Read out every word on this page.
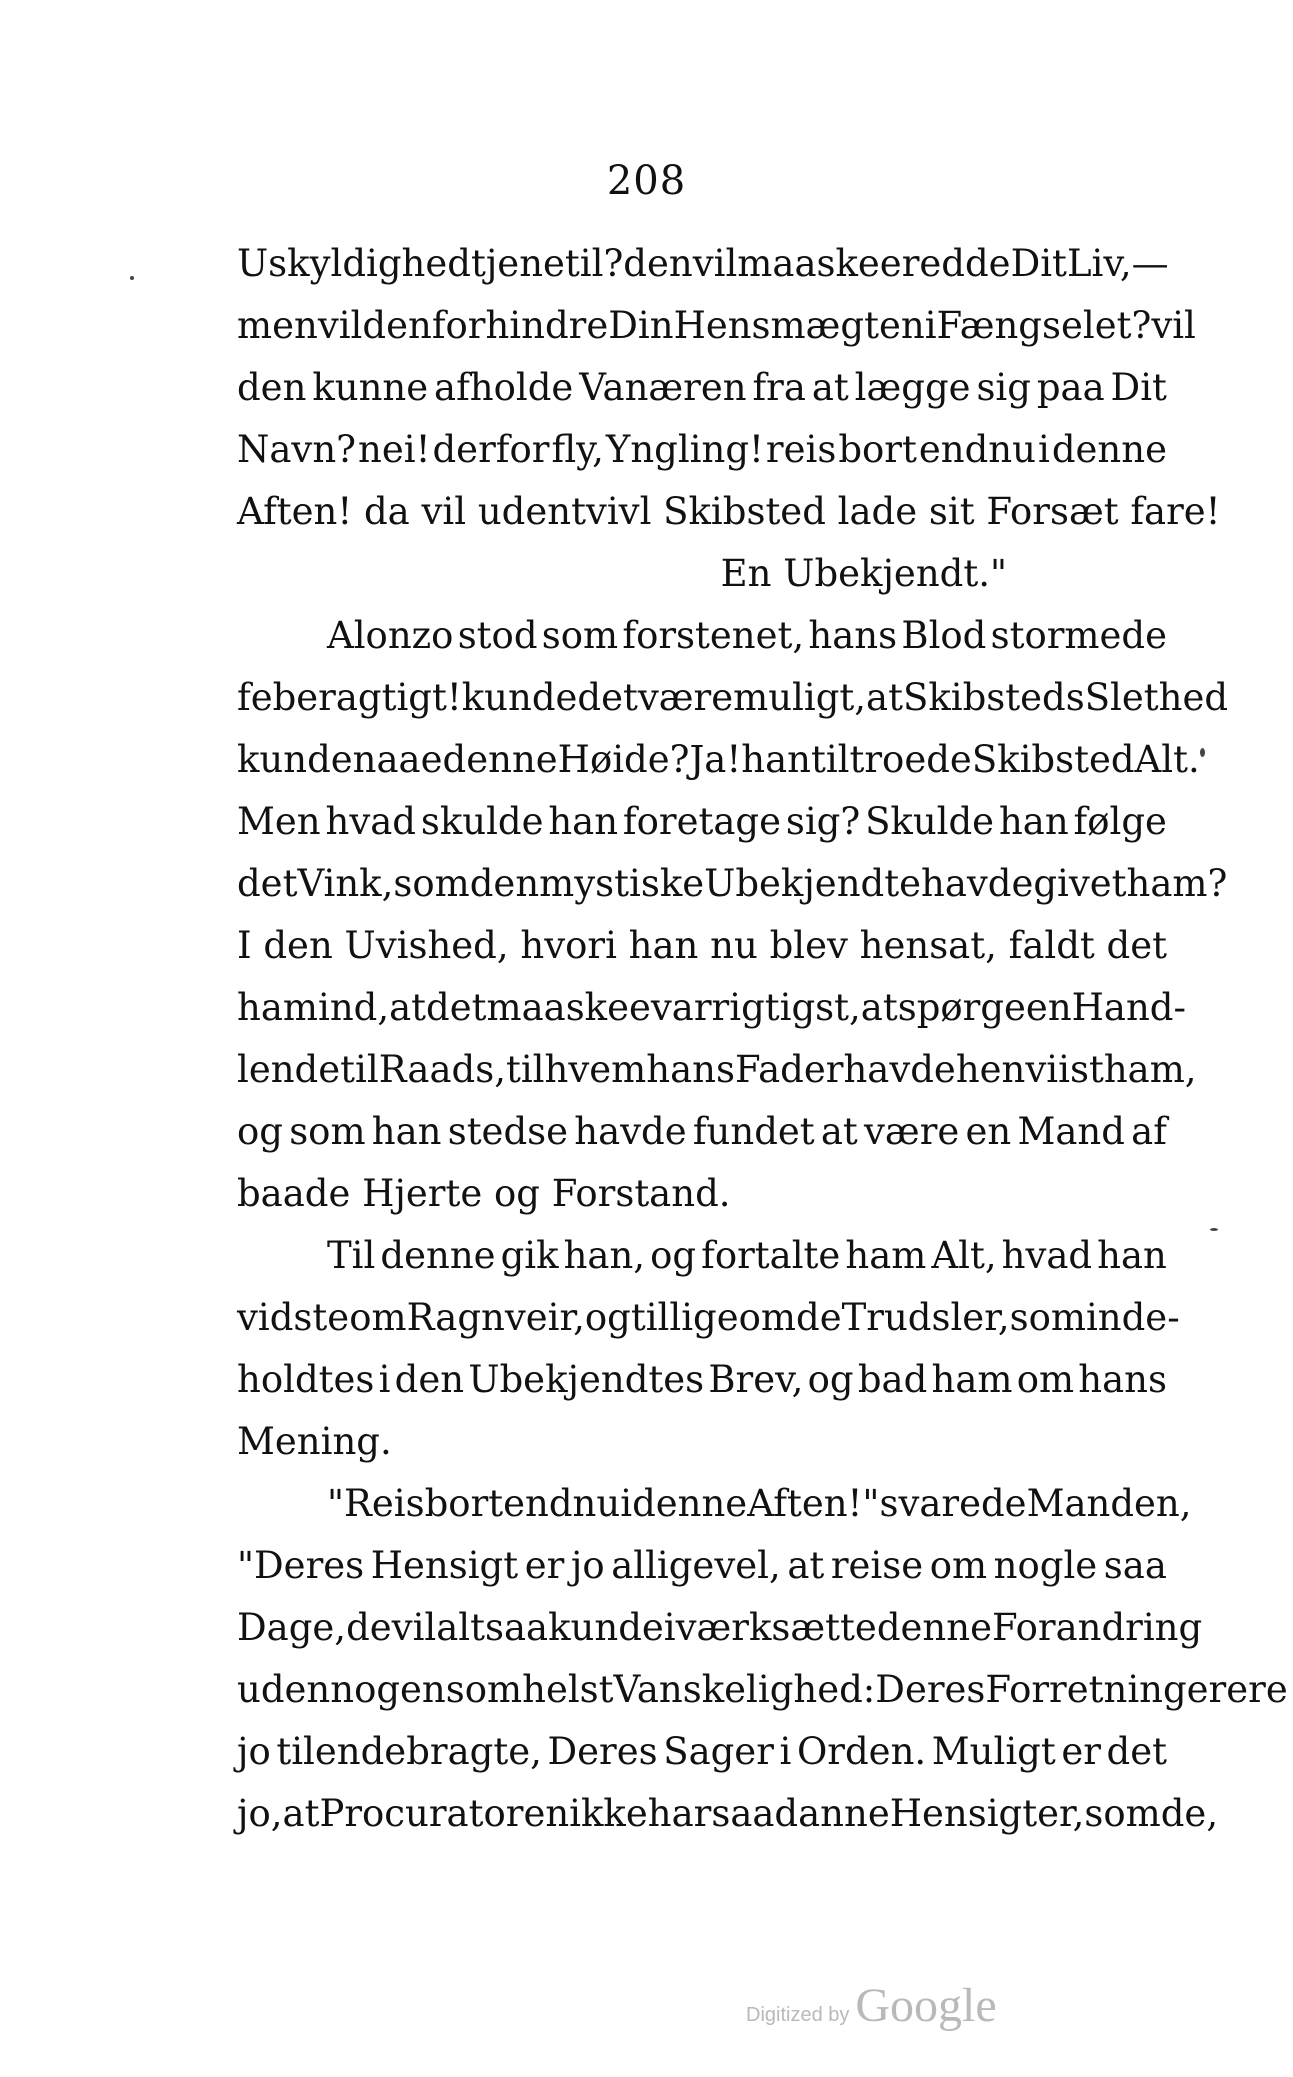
208
Uskyldighed tjene til? den vil maaskee redde Dit Liv, —
men vil den forhindre Din Hensmægten i Fængselet? vil
den kunne afholde Vanæren fra at lægge sig paa Dit
Navn? nei! derfor fly, Yngling! reis bort endnu i denne
Aften! da vil udentvivl Skibsted lade sit Forsæt fare!
En Ubekjendt."
Alonzo stod som forstenet, hans Blod stormede
feberagtigt! kunde det være muligt, at Skibsteds Slethed
kunde naae denne Høide? Ja! han tiltroede Skibsted Alt.
Men hvad skulde han foretage sig? Skulde han følge
det Vink, som den mystiske Ubekjendte havde givet ham?
I den Uvished, hvori han nu blev hensat, faldt det
ham ind, at det maaskee var rigtigst, at spørge en Hand-
lende til Raads, til hvem hans Fader havde henviist ham,
og som han stedse havde fundet at være en Mand af
baade Hjerte og Forstand.
Til denne gik han, og fortalte ham Alt, hvad han
vidste om Ragnveir, og tillige om de Trudsler, som inde-
holdtes i den Ubekjendtes Brev, og bad ham om hans
Mening.
"Reis bort endnu i denne Aften!" svarede Manden,
"Deres Hensigt er jo alligevel, at reise om nogle saa
Dage, de vil altsaa kunde iværksætte denne Forandring
uden nogensomhelst Vanskelighed: Deres Forretninger ere
jo tilendebragte, Deres Sager i Orden. Muligt er det
jo, at Procuratoren ikke har saadanne Hensigter, som de,
Digitized by Google
